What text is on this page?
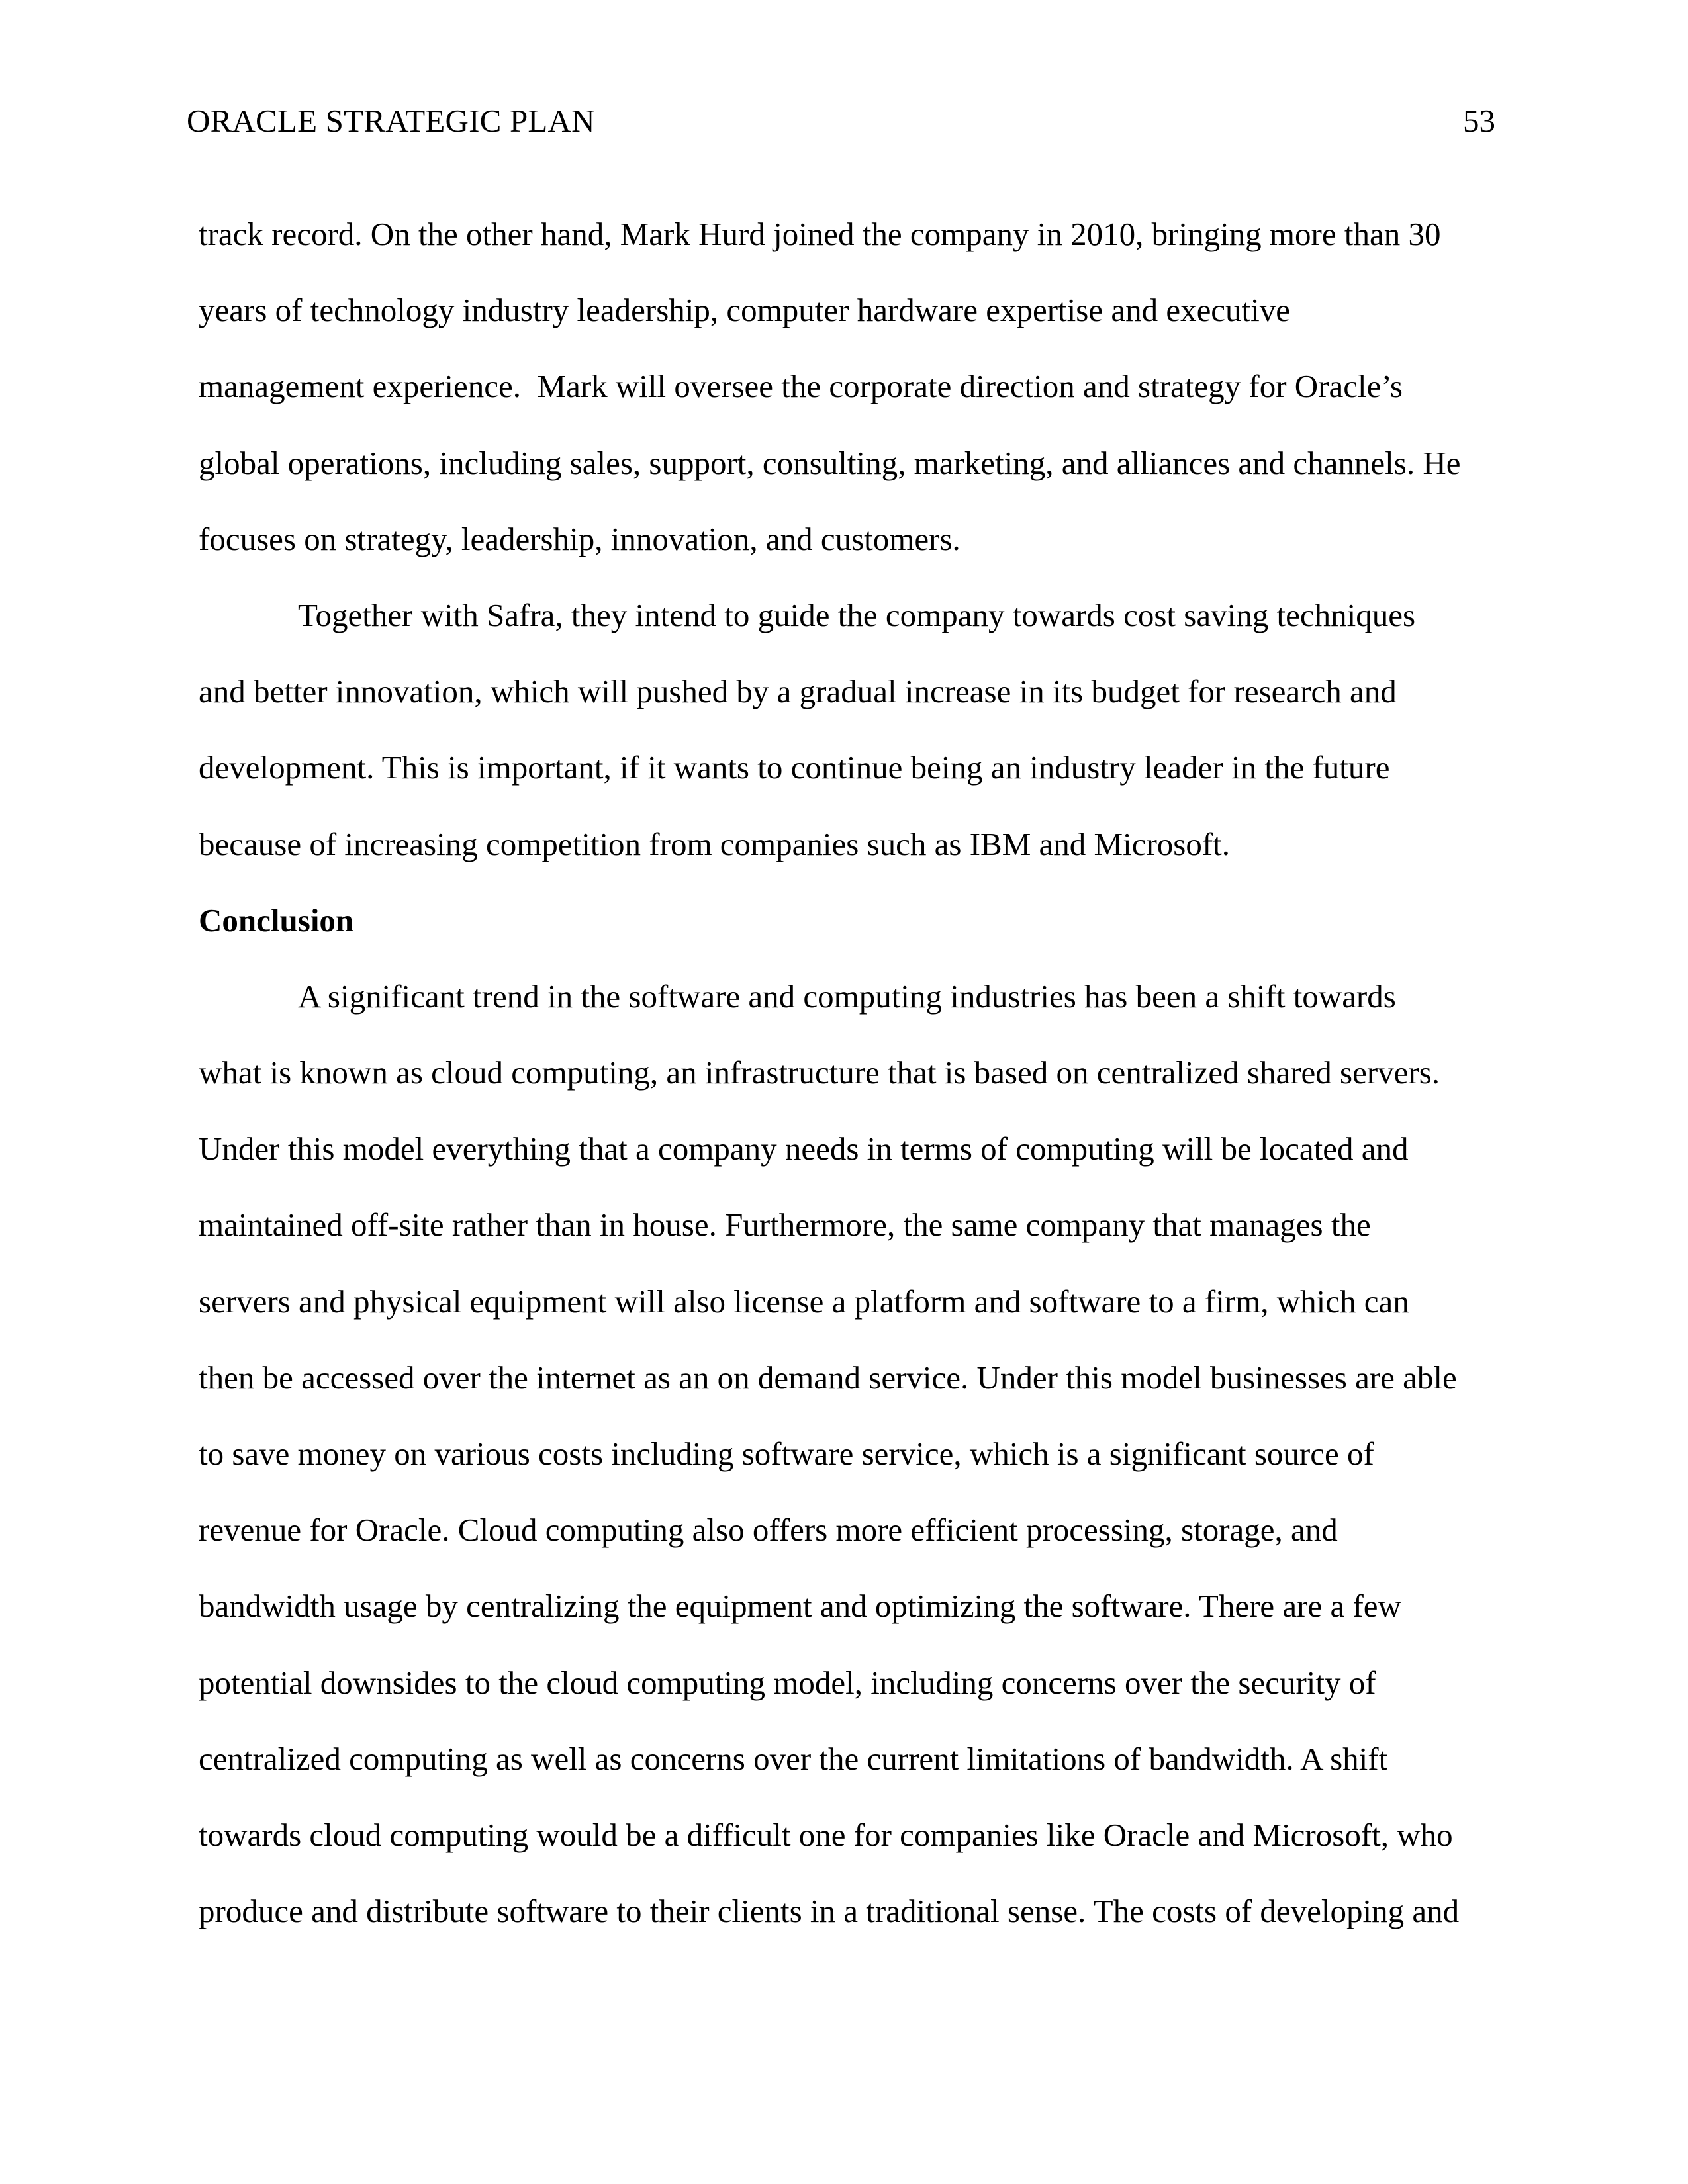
ORACLE STRATEGIC PLAN	53
track record. On the other hand, Mark Hurd joined the company in 2010, bringing more than 30
years of technology industry leadership, computer hardware expertise and executive
management experience.  Mark will oversee the corporate direction and strategy for Oracle’s
global operations, including sales, support, consulting, marketing, and alliances and channels. He
focuses on strategy, leadership, innovation, and customers.
Together with Safra, they intend to guide the company towards cost saving techniques
and better innovation, which will pushed by a gradual increase in its budget for research and
development. This is important, if it wants to continue being an industry leader in the future
because of increasing competition from companies such as IBM and Microsoft.
Conclusion
A significant trend in the software and computing industries has been a shift towards
what is known as cloud computing, an infrastructure that is based on centralized shared servers.
Under this model everything that a company needs in terms of computing will be located and
maintained off-site rather than in house. Furthermore, the same company that manages the
servers and physical equipment will also license a platform and software to a firm, which can
then be accessed over the internet as an on demand service. Under this model businesses are able
to save money on various costs including software service, which is a significant source of
revenue for Oracle. Cloud computing also offers more efficient processing, storage, and
bandwidth usage by centralizing the equipment and optimizing the software. There are a few
potential downsides to the cloud computing model, including concerns over the security of
centralized computing as well as concerns over the current limitations of bandwidth. A shift
towards cloud computing would be a difficult one for companies like Oracle and Microsoft, who
produce and distribute software to their clients in a traditional sense. The costs of developing and
